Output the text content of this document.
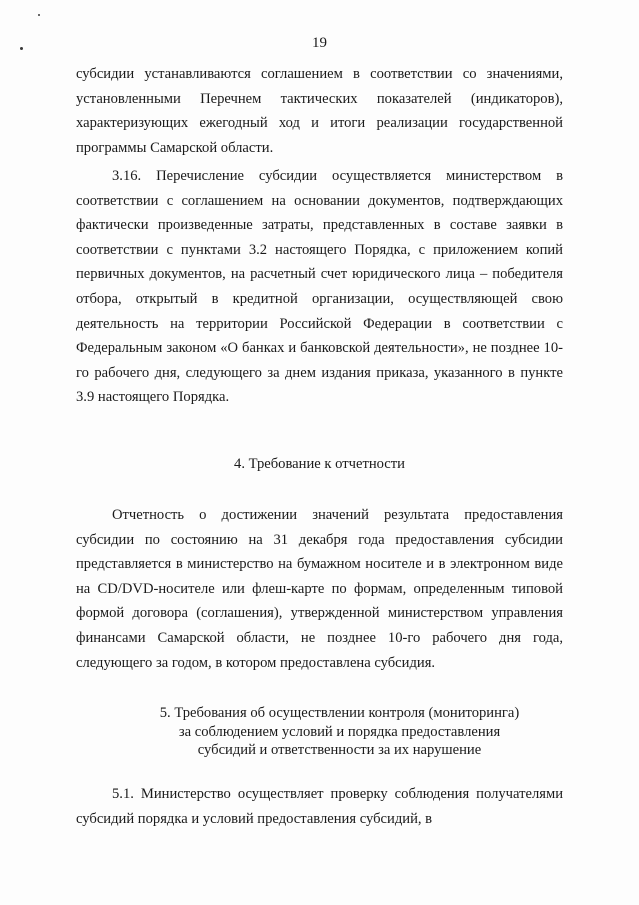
19

субсидии устанавливаются соглашением в соответствии со значениями, установленными Перечнем тактических показателей (индикаторов), характеризующих ежегодный ход и итоги реализации государственной программы Самарской области.

3.16. Перечисление субсидии осуществляется министерством в соответствии с соглашением на основании документов, подтверждающих фактически произведенные затраты, представленных в составе заявки в соответствии с пунктами 3.2 настоящего Порядка, с приложением копий первичных документов, на расчетный счет юридического лица – победителя отбора, открытый в кредитной организации, осуществляющей свою деятельность на территории Российской Федерации в соответствии с Федеральным законом «О банках и банковской деятельности», не позднее 10-го рабочего дня, следующего за днем издания приказа, указанного в пункте 3.9 настоящего Порядка.

4. Требование к отчетности

Отчетность о достижении значений результата предоставления субсидии по состоянию на 31 декабря года предоставления субсидии представляется в министерство на бумажном носителе и в электронном виде на CD/DVD-носителе или флеш-карте по формам, определенным типовой формой договора (соглашения), утвержденной министерством управления финансами Самарской области, не позднее 10-го рабочего дня года, следующего за годом, в котором предоставлена субсидия.

5. Требования об осуществлении контроля (мониторинга)
за соблюдением условий и порядка предоставления
субсидий и ответственности за их нарушение

5.1. Министерство осуществляет проверку соблюдения получателями субсидий порядка и условий предоставления субсидий, в
